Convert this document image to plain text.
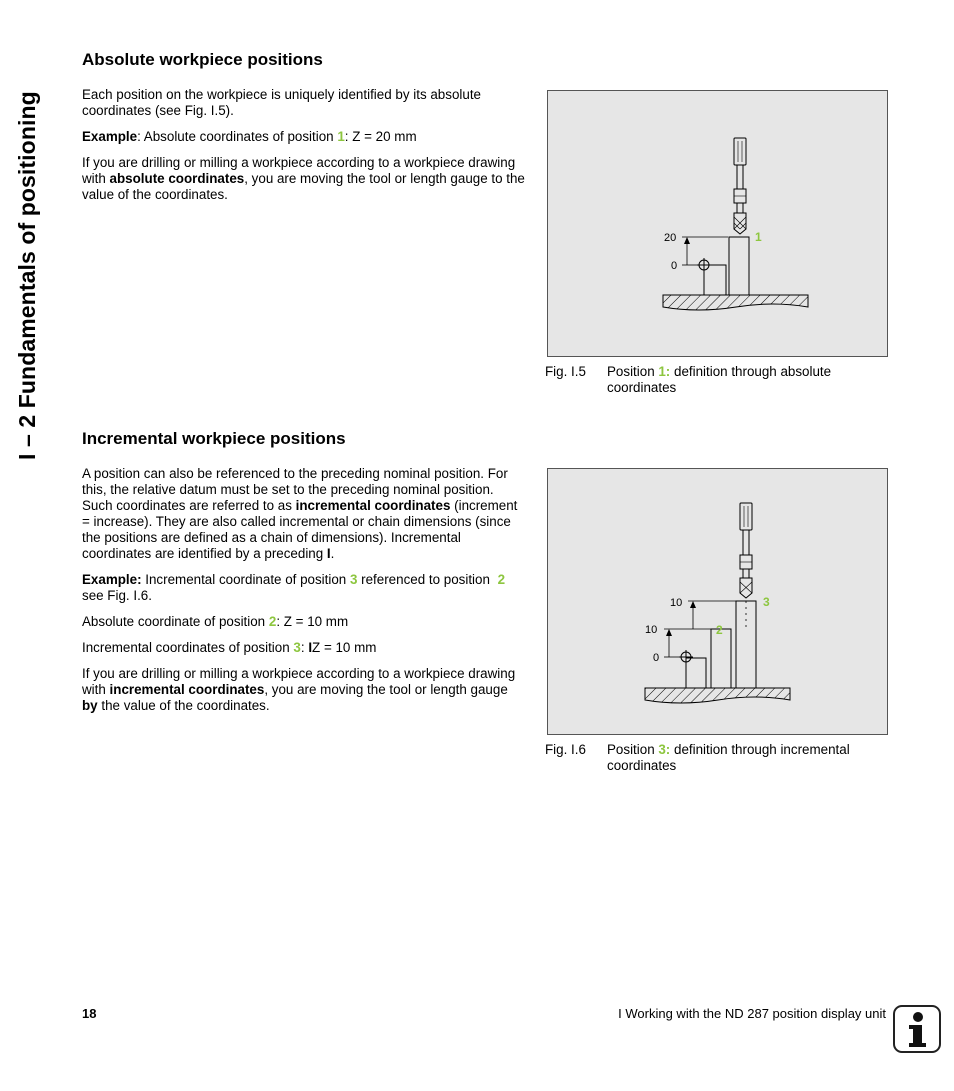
I – 2 Fundamentals of positioning
Absolute workpiece positions

Each position on the workpiece is uniquely identified by its absolute coordinates (see Fig. I.5).

Example: Absolute coordinates of position 1: Z = 20 mm

If you are drilling or milling a workpiece according to a workpiece drawing with absolute coordinates, you are moving the tool or length gauge to the value of the coordinates.

20
0
1
Fig. I.5 Position 1: definition through absolute coordinates
Incremental workpiece positions

A position can also be referenced to the preceding nominal position. For this, the relative datum must be set to the preceding nominal position. Such coordinates are referred to as incremental coordinates (increment = increase). They are also called incremental or chain dimensions (since the positions are defined as a chain of dimensions). Incremental coordinates are identified by a preceding I.

Example: Incremental coordinate of position 3 referenced to position 2 see Fig. I.6.

Absolute coordinate of position 2: Z = 10 mm

Incremental coordinates of position 3: IZ = 10 mm

If you are drilling or milling a workpiece according to a workpiece drawing with incremental coordinates, you are moving the tool or length gauge by the value of the coordinates.

10
10
0
3
2
Fig. I.6 Position 3: definition through incremental coordinates
18	I Working with the ND 287 position display unit
